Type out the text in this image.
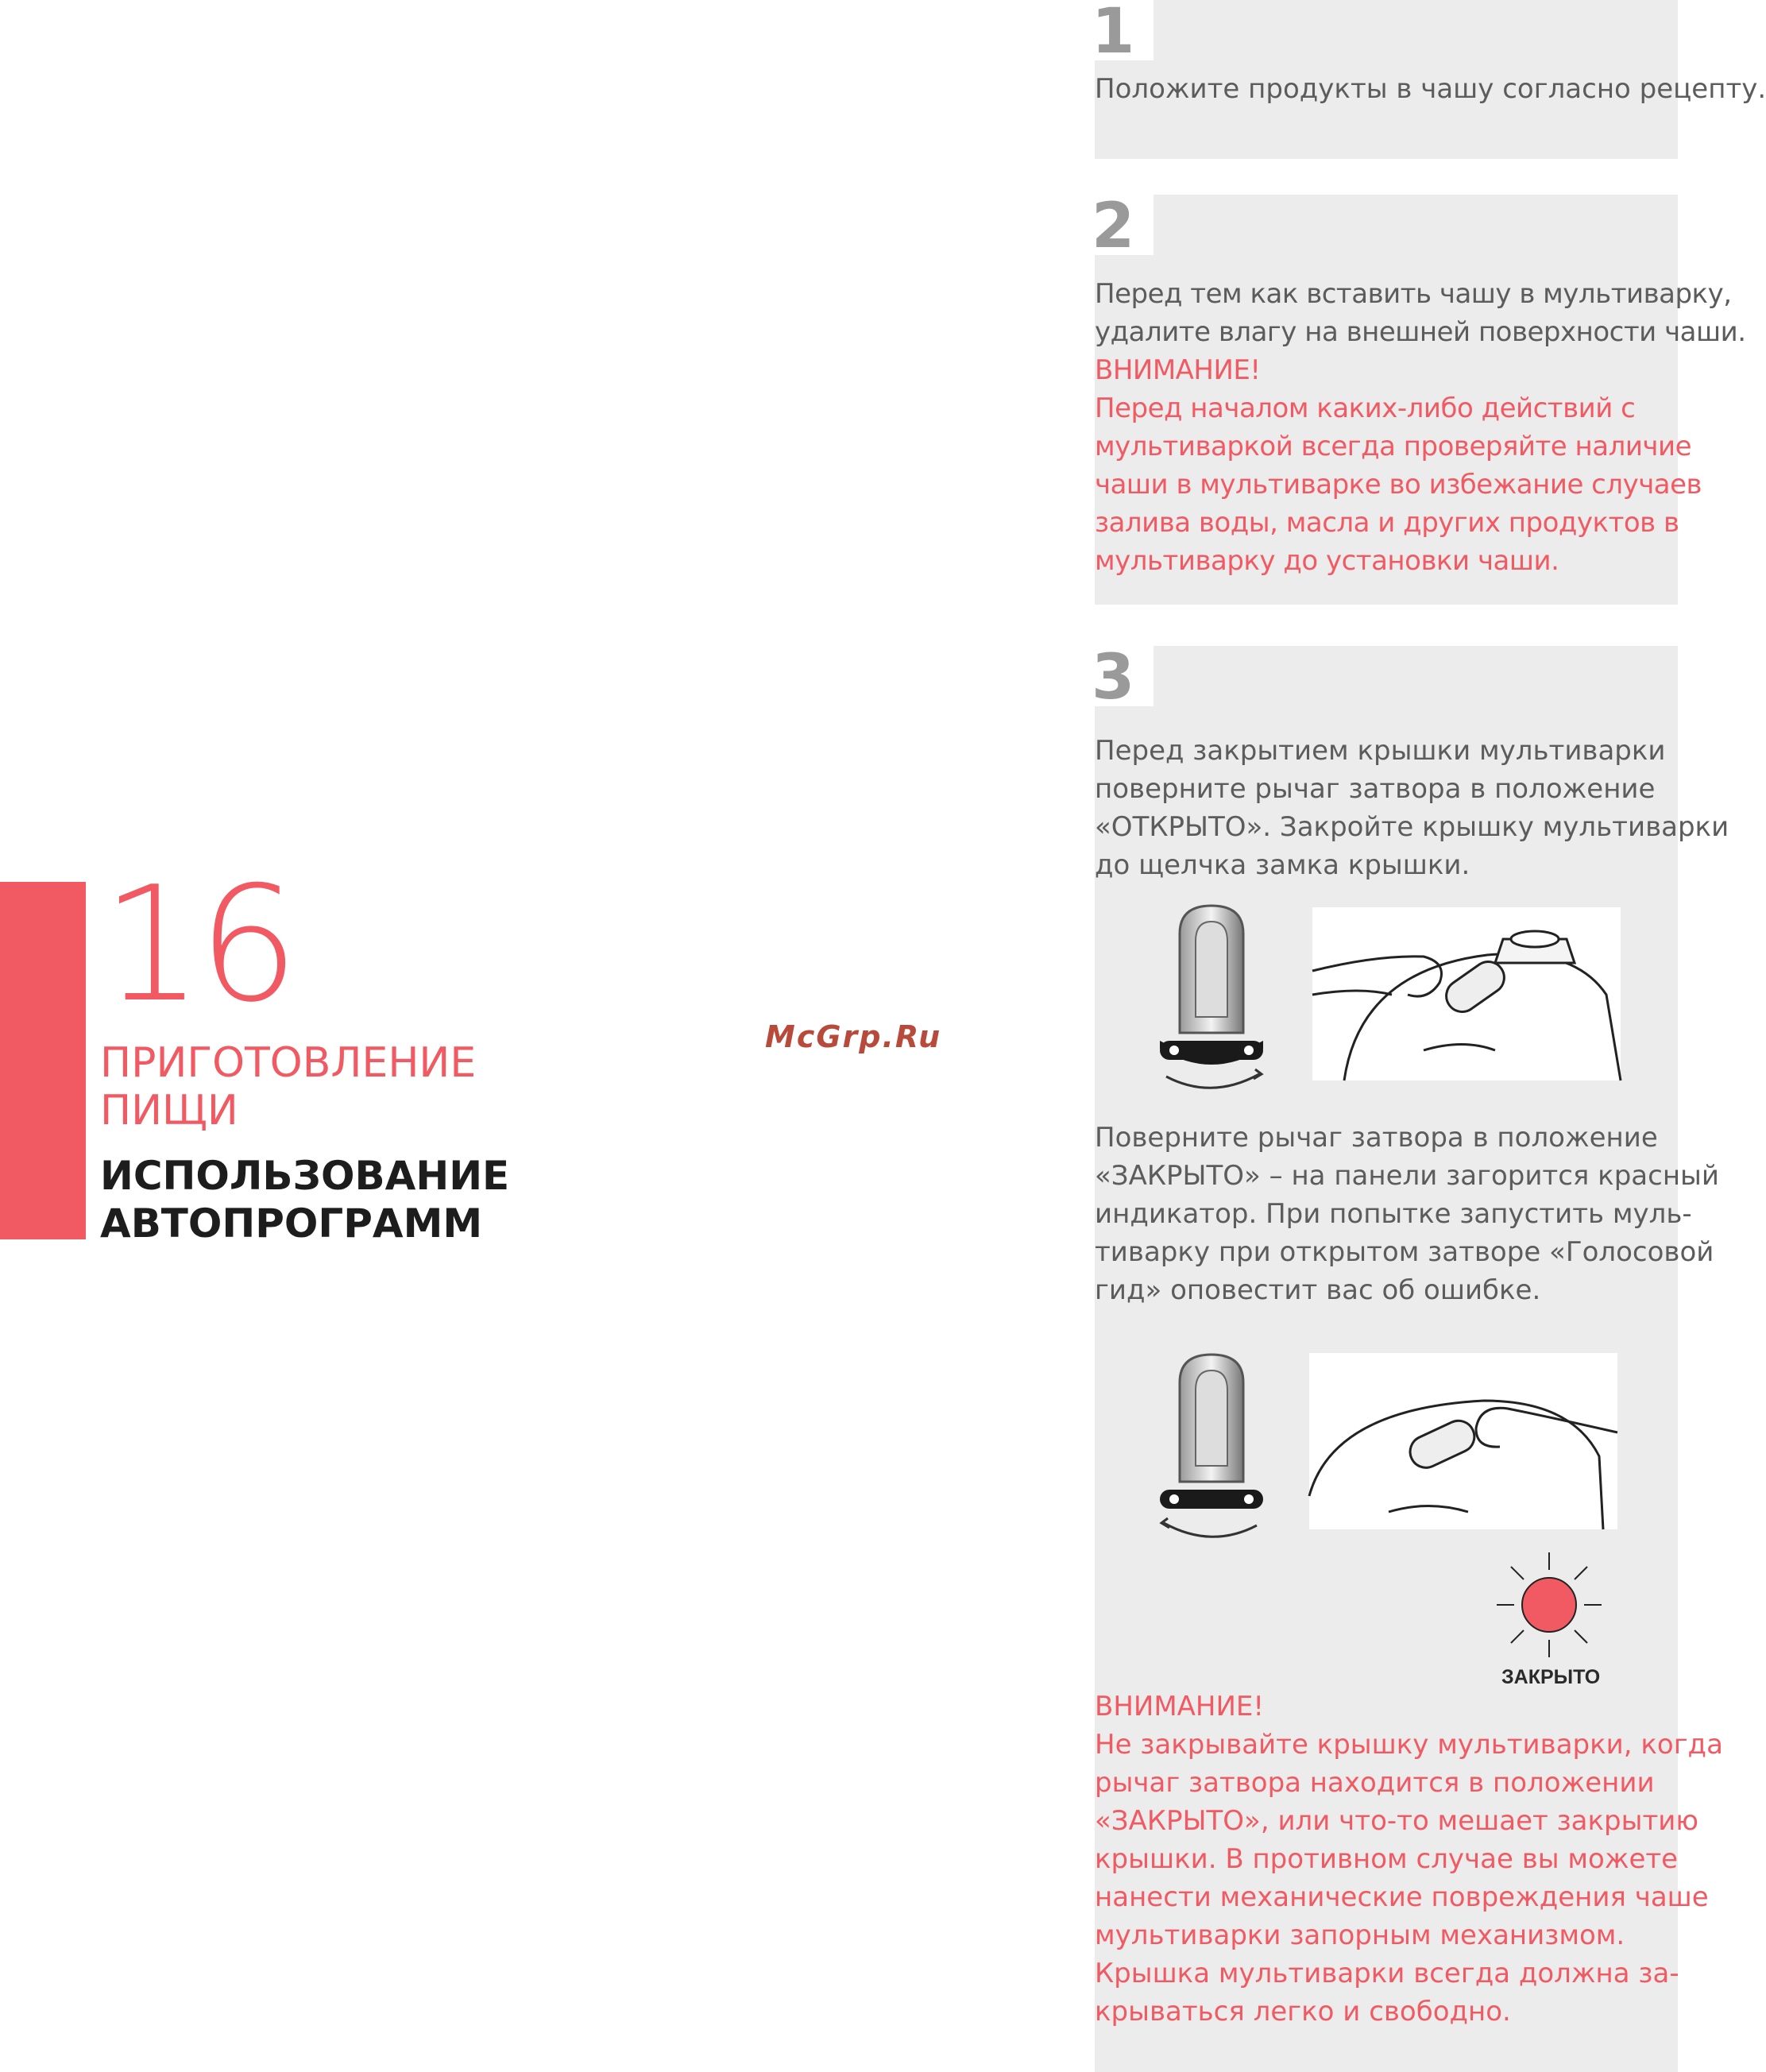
16
ПРИГОТОВЛЕНИЕ
ПИЩИ
ИСПОЛЬЗОВАНИЕ
АВТОПРОГРАММ
McGrp.Ru
1
2
3
Положите продукты в чашу согласно рецепту.
Перед тем как вставить чашу в мультиварку,
удалите влагу на внешней поверхности чаши.
ВНИМАНИЕ!
Перед началом каких-либо действий с
мультиваркой всегда проверяйте наличие
чаши в мультиварке во избежание случаев
залива воды, масла и других продуктов в
мультиварку до установки чаши.
Перед закрытием крышки мультиварки
поверните рычаг затвора в положение
«ОТКРЫТО». Закройте крышку мультиварки
до щелчка замка крышки.
Поверните рычаг затвора в положение
«ЗАКРЫТО» – на панели загорится красный
индикатор. При попытке запустить муль-
тиварку при открытом затворе «Голосовой
гид» оповестит вас об ошибке.
ЗАКРЫТО
ВНИМАНИЕ!
Не закрывайте крышку мультиварки, когда
рычаг затвора находится в положении
«ЗАКРЫТО», или что-то мешает закрытию
крышки. В противном случае вы можете
нанести механические повреждения чаше
мультиварки запорным механизмом.
Крышка мультиварки всегда должна за-
крываться легко и свободно.
